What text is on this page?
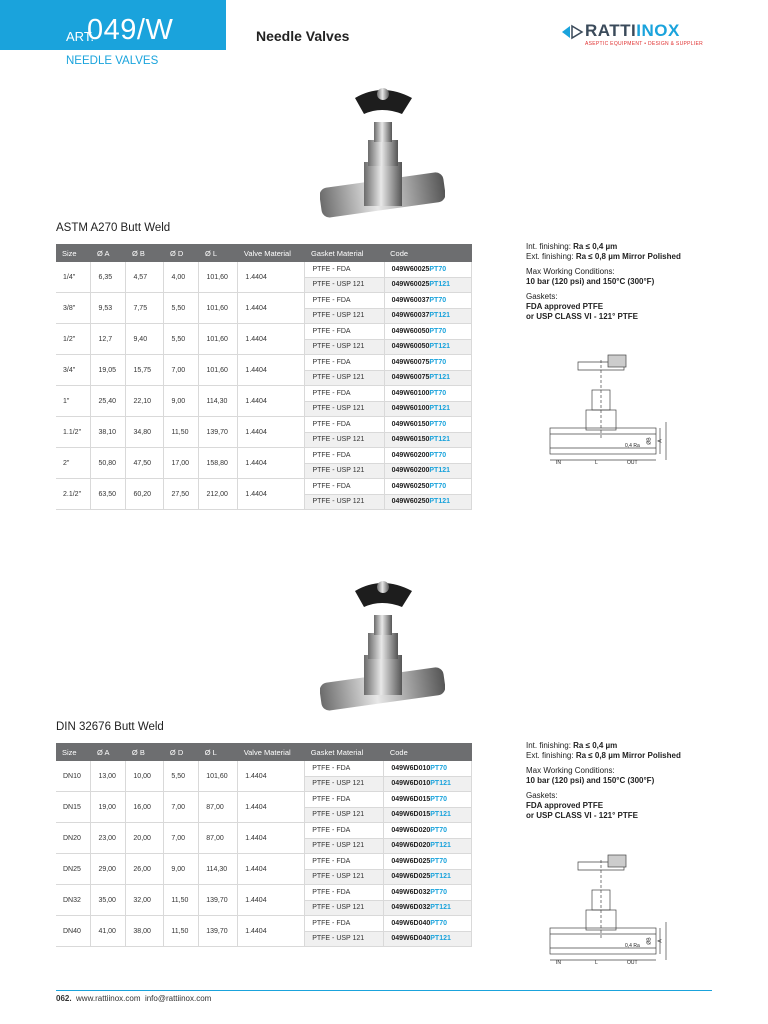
ART.
049/W	Needle Valves
NEEDLE VALVES
RATTIINOX
ASEPTIC EQUIPMENT • DESIGN & SUPPLIER
ASTM A270 Butt Weld
Size	Ø A	Ø B	Ø D	Ø L	Valve Material	Gasket Material	Code
1/4"	6,35	4,57	4,00	101,60	1.4404	PTFE - FDA	049W60025PT70
						PTFE - USP 121	049W60025PT121
3/8"	9,53	7,75	5,50	101,60	1.4404	PTFE - FDA	049W60037PT70
						PTFE - USP 121	049W60037PT121
1/2"	12,7	9,40	5,50	101,60	1.4404	PTFE - FDA	049W60050PT70
						PTFE - USP 121	049W60050PT121
3/4"	19,05	15,75	7,00	101,60	1.4404	PTFE - FDA	049W60075PT70
						PTFE - USP 121	049W60075PT121
1"	25,40	22,10	9,00	114,30	1.4404	PTFE - FDA	049W60100PT70
						PTFE - USP 121	049W60100PT121
1.1/2"	38,10	34,80	11,50	139,70	1.4404	PTFE - FDA	049W60150PT70
						PTFE - USP 121	049W60150PT121
2"	50,80	47,50	17,00	158,80	1.4404	PTFE - FDA	049W60200PT70
						PTFE - USP 121	049W60200PT121
2.1/2"	63,50	60,20	27,50	212,00	1.4404	PTFE - FDA	049W60250PT70
						PTFE - USP 121	049W60250PT121

Int. finishing: Ra ≤ 0,4 µm
Ext. finishing: Ra ≤ 0,8 µm Mirror Polished

Max Working Conditions:
10 bar (120 psi) and 150°C (300°F)

Gaskets:
FDA approved PTFE
or USP CLASS VI - 121° PTFE

IN	L	OUT
0,4 Ra
ØB A
DIN 32676 Butt Weld
Size	Ø A	Ø B	Ø D	Ø L	Valve Material	Gasket Material	Code
DN10	13,00	10,00	5,50	101,60	1.4404	PTFE - FDA	049W6D010PT70
						PTFE - USP 121	049W6D010PT121
DN15	19,00	16,00	7,00	87,00	1.4404	PTFE - FDA	049W6D015PT70
						PTFE - USP 121	049W6D015PT121
DN20	23,00	20,00	7,00	87,00	1.4404	PTFE - FDA	049W6D020PT70
						PTFE - USP 121	049W6D020PT121
DN25	29,00	26,00	9,00	114,30	1.4404	PTFE - FDA	049W6D025PT70
						PTFE - USP 121	049W6D025PT121
DN32	35,00	32,00	11,50	139,70	1.4404	PTFE - FDA	049W6D032PT70
						PTFE - USP 121	049W6D032PT121
DN40	41,00	38,00	11,50	139,70	1.4404	PTFE - FDA	049W6D040PT70
						PTFE - USP 121	049W6D040PT121

Int. finishing: Ra ≤ 0,4 µm
Ext. finishing: Ra ≤ 0,8 µm Mirror Polished

Max Working Conditions:
10 bar (120 psi) and 150°C (300°F)

Gaskets:
FDA approved PTFE
or USP CLASS VI - 121° PTFE

IN	L	OUT
0,4 Ra
ØB A
062. www.rattiinox.com info@rattiinox.com
